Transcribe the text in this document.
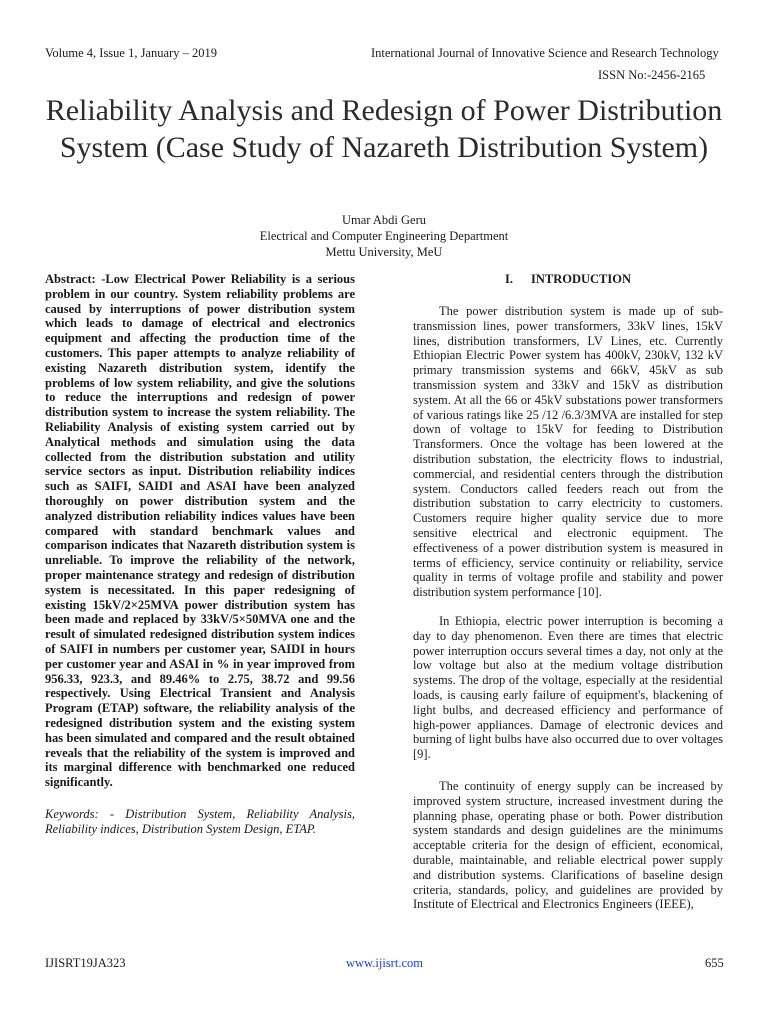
Volume 4, Issue 1, January – 2019	International Journal of Innovative Science and Research Technology
ISSN No:-2456-2165
Reliability Analysis and Redesign of Power Distribution System (Case Study of Nazareth Distribution System)
Umar Abdi Geru
Electrical and Computer Engineering Department
Mettu University, MeU
Abstract: -Low Electrical Power Reliability is a serious problem in our country. System reliability problems are caused by interruptions of power distribution system which leads to damage of electrical and electronics equipment and affecting the production time of the customers. This paper attempts to analyze reliability of existing Nazareth distribution system, identify the problems of low system reliability, and give the solutions to reduce the interruptions and redesign of power distribution system to increase the system reliability. The Reliability Analysis of existing system carried out by Analytical methods and simulation using the data collected from the distribution substation and utility service sectors as input. Distribution reliability indices such as SAIFI, SAIDI and ASAI have been analyzed thoroughly on power distribution system and the analyzed distribution reliability indices values have been compared with standard benchmark values and comparison indicates that Nazareth distribution system is unreliable. To improve the reliability of the network, proper maintenance strategy and redesign of distribution system is necessitated. In this paper redesigning of existing 15kV/2×25MVA power distribution system has been made and replaced by 33kV/5×50MVA one and the result of simulated redesigned distribution system indices of SAIFI in numbers per customer year, SAIDI in hours per customer year and ASAI in % in year improved from 956.33, 923.3, and 89.46% to 2.75, 38.72 and 99.56 respectively. Using Electrical Transient and Analysis Program (ETAP) software, the reliability analysis of the redesigned distribution system and the existing system has been simulated and compared and the result obtained reveals that the reliability of the system is improved and its marginal difference with benchmarked one reduced significantly.
Keywords: - Distribution System, Reliability Analysis, Reliability indices, Distribution System Design, ETAP.
I. INTRODUCTION
The power distribution system is made up of sub-transmission lines, power transformers, 33kV lines, 15kV lines, distribution transformers, LV Lines, etc. Currently Ethiopian Electric Power system has 400kV, 230kV, 132 kV primary transmission systems and 66kV, 45kV as sub transmission system and 33kV and 15kV as distribution system. At all the 66 or 45kV substations power transformers of various ratings like 25 /12 /6.3/3MVA are installed for step down of voltage to 15kV for feeding to Distribution Transformers. Once the voltage has been lowered at the distribution substation, the electricity flows to industrial, commercial, and residential centers through the distribution system. Conductors called feeders reach out from the distribution substation to carry electricity to customers. Customers require higher quality service due to more sensitive electrical and electronic equipment. The effectiveness of a power distribution system is measured in terms of efficiency, service continuity or reliability, service quality in terms of voltage profile and stability and power distribution system performance [10].
In Ethiopia, electric power interruption is becoming a day to day phenomenon. Even there are times that electric power interruption occurs several times a day, not only at the low voltage but also at the medium voltage distribution systems. The drop of the voltage, especially at the residential loads, is causing early failure of equipment's, blackening of light bulbs, and decreased efficiency and performance of high-power appliances. Damage of electronic devices and burning of light bulbs have also occurred due to over voltages [9].
The continuity of energy supply can be increased by improved system structure, increased investment during the planning phase, operating phase or both. Power distribution system standards and design guidelines are the minimums acceptable criteria for the design of efficient, economical, durable, maintainable, and reliable electrical power supply and distribution systems. Clarifications of baseline design criteria, standards, policy, and guidelines are provided by Institute of Electrical and Electronics Engineers (IEEE),
IJISRT19JA323	www.ijisrt.com	655
